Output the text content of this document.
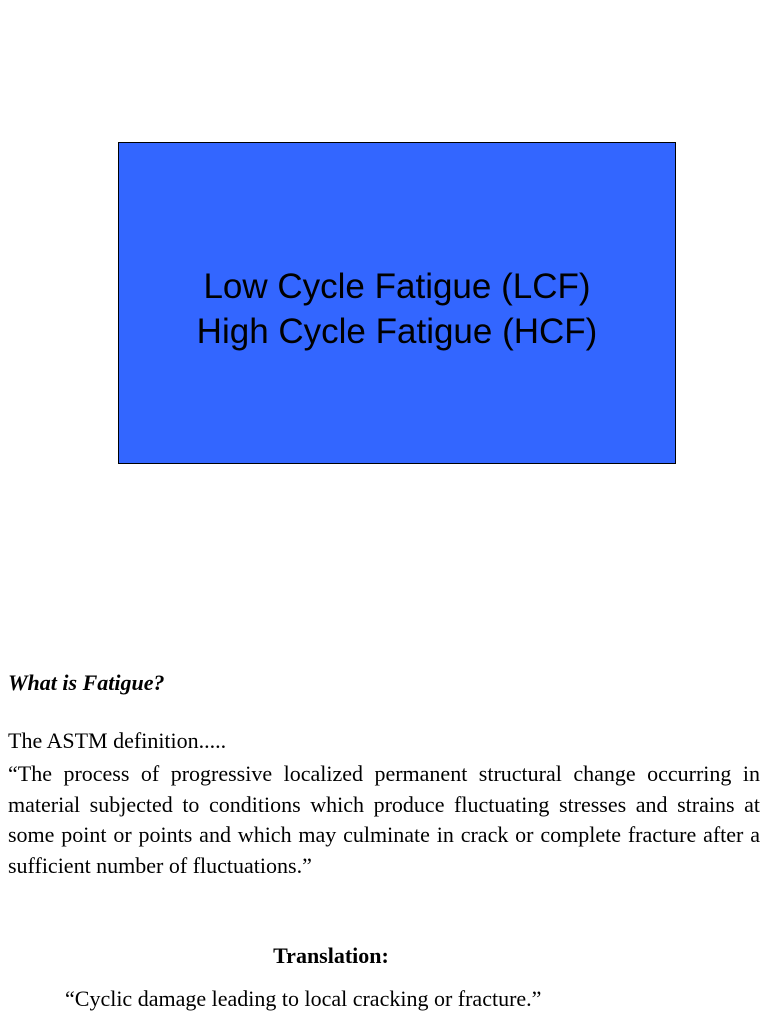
Low Cycle Fatigue (LCF)
High Cycle Fatigue (HCF)
What is Fatigue?
The ASTM definition.....
“The process of progressive localized permanent structural change occurring in material subjected to conditions which produce fluctuating stresses and strains at some point or points and which may culminate in crack or complete fracture after a sufficient number of fluctuations.”
Translation:
“Cyclic damage leading to local cracking or fracture.”
